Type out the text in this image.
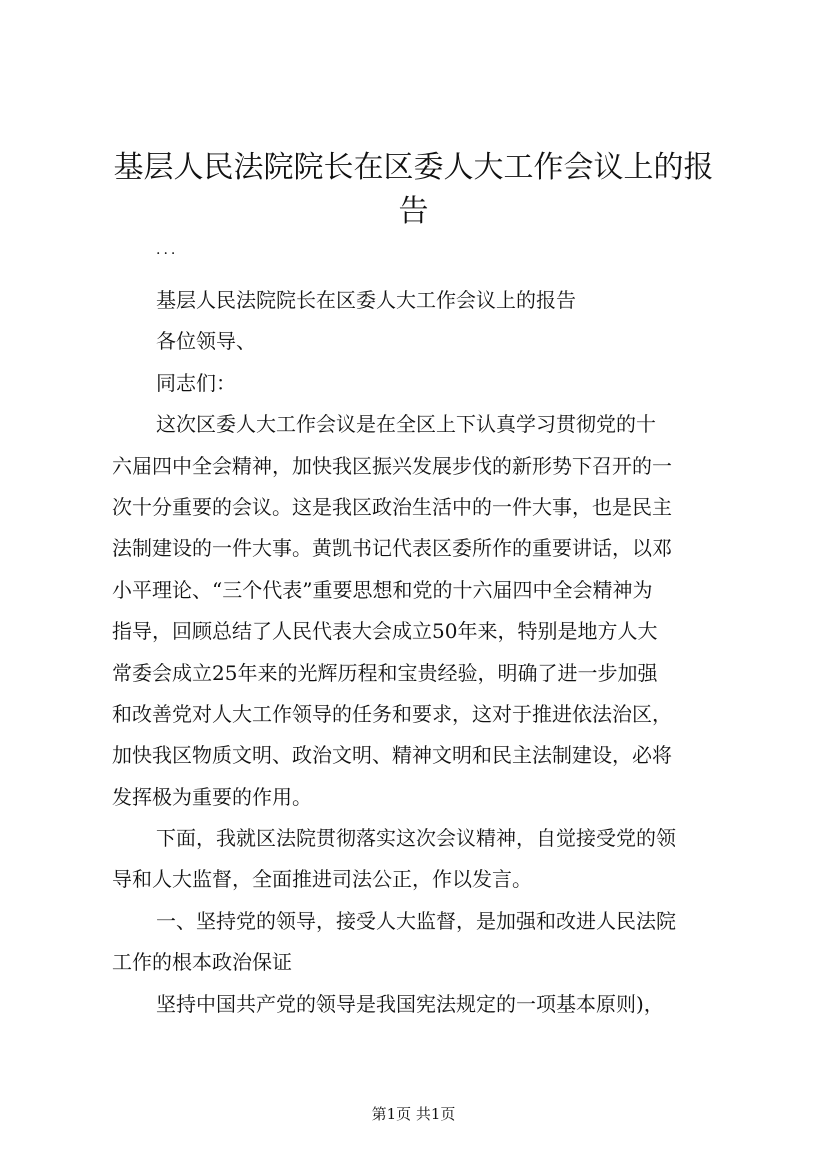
基层人民法院院长在区委人大工作会议上的报告

...

基层人民法院院长在区委人大工作会议上的报告

各位领导、

同志们：

这次区委人大工作会议是在全区上下认真学习贯彻党的十

六届四中全会精神，加快我区振兴发展步伐的新形势下召开的一

次十分重要的会议。这是我区政治生活中的一件大事，也是民主

法制建设的一件大事。黄凯书记代表区委所作的重要讲话，以邓

小平理论、“三个代表”重要思想和党的十六届四中全会精神为

指导，回顾总结了人民代表大会成立50年来，特别是地方人大

常委会成立25年来的光辉历程和宝贵经验，明确了进一步加强

和改善党对人大工作领导的任务和要求，这对于推进依法治区，

加快我区物质文明、政治文明、精神文明和民主法制建设，必将

发挥极为重要的作用。

下面，我就区法院贯彻落实这次会议精神，自觉接受党的领

导和人大监督，全面推进司法公正，作以发言。

一、坚持党的领导，接受人大监督，是加强和改进人民法院

工作的根本政治保证

坚持中国共产党的领导是我国宪法规定的一项基本原则)，

第1页 共1页
